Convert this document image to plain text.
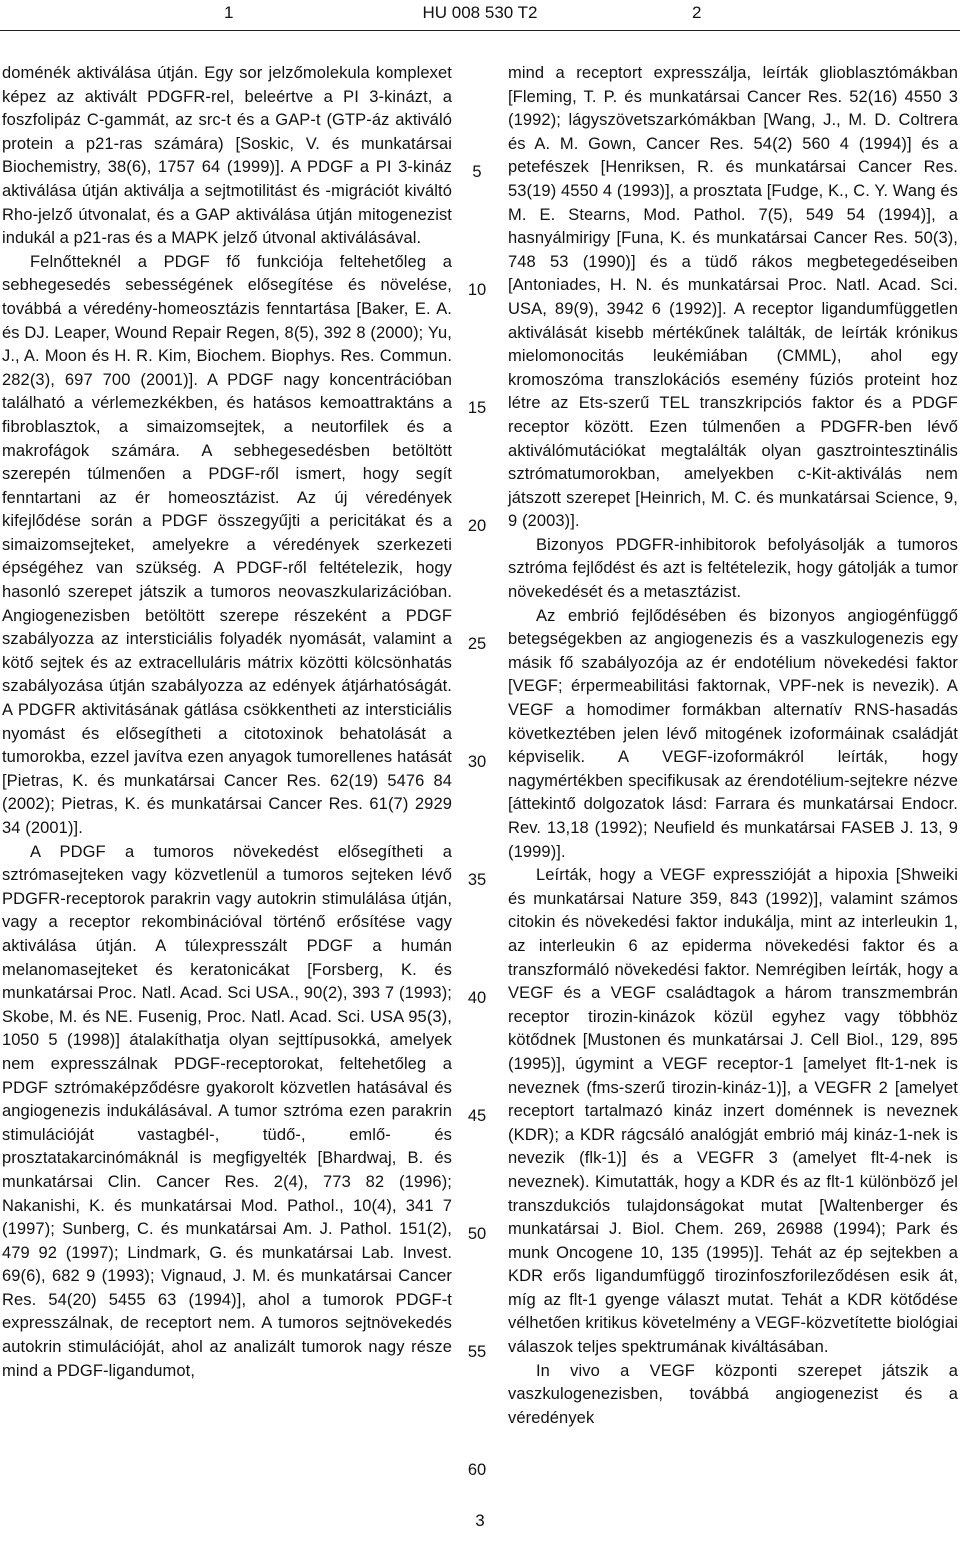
1	HU 008 530 T2	2

doménék aktiválása útján. Egy sor jelzőmolekula komplexet képez az aktivált PDGFR-rel, beleértve a PI 3-kinázt, a foszfolipáz C-gammát, az src-t és a GAP-t (GTP-áz aktiváló protein a p21-ras számára) [Soskic, V. és munkatársai Biochemistry, 38(6), 1757 64 (1999)]. A PDGF a PI 3-kináz aktiválása útján aktiválja a sejtmotilitást és -migrációt kiváltó Rho-jelző útvonalat, és a GAP aktiválása útján mitogenezist indukál a p21-ras és a MAPK jelző útvonal aktiválásával.

Felnőtteknél a PDGF fő funkciója feltehetőleg a sebhegesedés sebességének elősegítése és növelése, továbbá a véredény-homeosztázis fenntartása [Baker, E. A. és DJ. Leaper, Wound Repair Regen, 8(5), 392 8 (2000); Yu, J., A. Moon és H. R. Kim, Biochem. Biophys. Res. Commun. 282(3), 697 700 (2001)]. A PDGF nagy koncentrációban található a vérlemezkékben, és hatásos kemoattraktáns a fibroblasztok, a simaizomsejtek, a neutorfilek és a makrofágok számára. A sebhegesedésben betöltött szerepén túlmenően a PDGF-ről ismert, hogy segít fenntartani az ér homeosztázist. Az új véredények kifejlődése során a PDGF összegyűjti a pericitákat és a simaizomsejteket, amelyekre a véredények szerkezeti épségéhez van szükség. A PDGF-ről feltételezik, hogy hasonló szerepet játszik a tumoros neovaszkularizációban. Angiogenezisben betöltött szerepe részeként a PDGF szabályozza az intersticiális folyadék nyomását, valamint a kötő sejtek és az extracelluláris mátrix közötti kölcsönhatás szabályozása útján szabályozza az edények átjárhatóságát. A PDGFR aktivitásának gátlása csökkentheti az intersticiális nyomást és elősegítheti a citotoxinok behatolását a tumorokba, ezzel javítva ezen anyagok tumorellenes hatását [Pietras, K. és munkatársai Cancer Res. 62(19) 5476 84 (2002); Pietras, K. és munkatársai Cancer Res. 61(7) 2929 34 (2001)].

A PDGF a tumoros növekedést elősegítheti a sztrómasejteken vagy közvetlenül a tumoros sejteken lévő PDGFR-receptorok parakrin vagy autokrin stimulálása útján, vagy a receptor rekombinációval történő erősítése vagy aktiválása útján. A túlexpresszált PDGF a humán melanomasejteket és keratonicákat [Forsberg, K. és munkatársai Proc. Natl. Acad. Sci USA., 90(2), 393 7 (1993); Skobe, M. és NE. Fusenig, Proc. Natl. Acad. Sci. USA 95(3), 1050 5 (1998)] átalakíthatja olyan sejttípusokká, amelyek nem expresszálnak PDGF-receptorokat, feltehetőleg a PDGF sztrómaképződésre gyakorolt közvetlen hatásával és angiogenezis indukálásával. A tumor sztróma ezen parakrin stimulációját vastagbél-, tüdő-, emlő- és prosztatakarcinómáknál is megfigyelték [Bhardwaj, B. és munkatársai Clin. Cancer Res. 2(4), 773 82 (1996); Nakanishi, K. és munkatársai Mod. Pathol., 10(4), 341 7 (1997); Sunberg, C. és munkatársai Am. J. Pathol. 151(2), 479 92 (1997); Lindmark, G. és munkatársai Lab. Invest. 69(6), 682 9 (1993); Vignaud, J. M. és munkatársai Cancer Res. 54(20) 5455 63 (1994)], ahol a tumorok PDGF-t expresszálnak, de receptort nem. A tumoros sejtnövekedés autokrin stimulációját, ahol az analizált tumorok nagy része mind a PDGF-ligandumot,

mind a receptort expresszálja, leírták glioblasztómákban [Fleming, T. P. és munkatársai Cancer Res. 52(16) 4550 3 (1992); lágyszövetszarkómákban [Wang, J., M. D. Coltrera és A. M. Gown, Cancer Res. 54(2) 560 4 (1994)] és a petefészek [Henriksen, R. és munkatársai Cancer Res. 53(19) 4550 4 (1993)], a prosztata [Fudge, K., C. Y. Wang és M. E. Stearns, Mod. Pathol. 7(5), 549 54 (1994)], a hasnyálmirigy [Funa, K. és munkatársai Cancer Res. 50(3), 748 53 (1990)] és a tüdő rákos megbetegedéseiben [Antoniades, H. N. és munkatársai Proc. Natl. Acad. Sci. USA, 89(9), 3942 6 (1992)]. A receptor ligandumfüggetlen aktiválását kisebb mértékűnek találták, de leírták krónikus mielomonocitás leukémiában (CMML), ahol egy kromoszóma transzlokációs esemény fúziós proteint hoz létre az Ets-szerű TEL transzkripciós faktor és a PDGF receptor között. Ezen túlmenően a PDGFR-ben lévő aktiválómutációkat megtalálták olyan gasztrointesztinális sztrómatumorokban, amelyekben c-Kit-aktiválás nem játszott szerepet [Heinrich, M. C. és munkatársai Science, 9, 9 (2003)].

Bizonyos PDGFR-inhibitorok befolyásolják a tumoros sztróma fejlődést és azt is feltételezik, hogy gátolják a tumor növekedését és a metasztázist.

Az embrió fejlődésében és bizonyos angiogénfüggő betegségekben az angiogenezis és a vaszkulogenezis egy másik fő szabályozója az ér endotélium növekedési faktor [VEGF; érpermeabilitási faktornak, VPF-nek is nevezik). A VEGF a homodimer formákban alternatív RNS-hasadás következtében jelen lévő mitogének izoformáinak családját képviselik. A VEGF-izoformákról leírták, hogy nagymértékben specifikusak az érendotélium-sejtekre nézve [áttekintő dolgozatok lásd: Farrara és munkatársai Endocr. Rev. 13,18 (1992); Neufield és munkatársai FASEB J. 13, 9 (1999)].

Leírták, hogy a VEGF expresszióját a hipoxia [Shweiki és munkatársai Nature 359, 843 (1992)], valamint számos citokin és növekedési faktor indukálja, mint az interleukin 1, az interleukin 6 az epiderma növekedési faktor és a transzformáló növekedési faktor. Nemrégiben leírták, hogy a VEGF és a VEGF családtagok a három transzmembrán receptor tirozin-kinázok közül egyhez vagy többhöz kötődnek [Mustonen és munkatársai J. Cell Biol., 129, 895 (1995)], úgymint a VEGF receptor-1 [amelyet flt-1-nek is neveznek (fms-szerű tirozin-kináz-1)], a VEGFR 2 [amelyet receptort tartalmazó kináz inzert doménnek is neveznek (KDR); a KDR rágcsáló analógját embrió máj kináz-1-nek is nevezik (flk-1)] és a VEGFR 3 (amelyet flt-4-nek is neveznek). Kimutatták, hogy a KDR és az flt-1 különböző jel transzdukciós tulajdonságokat mutat [Waltenberger és munkatársai J. Biol. Chem. 269, 26988 (1994); Park és munk Oncogene 10, 135 (1995)]. Tehát az ép sejtekben a KDR erős ligandumfüggő tirozinfoszforileződésen esik át, míg az flt-1 gyenge választ mutat. Tehát a KDR kötődése vélhetően kritikus követelmény a VEGF-közvetítette biológiai válaszok teljes spektrumának kiváltásában.

In vivo a VEGF központi szerepet játszik a vaszkulogenezisben, továbbá angiogenezist és a véredények

5
10
15
20
25
30
35
40
45
50
55
60
3
